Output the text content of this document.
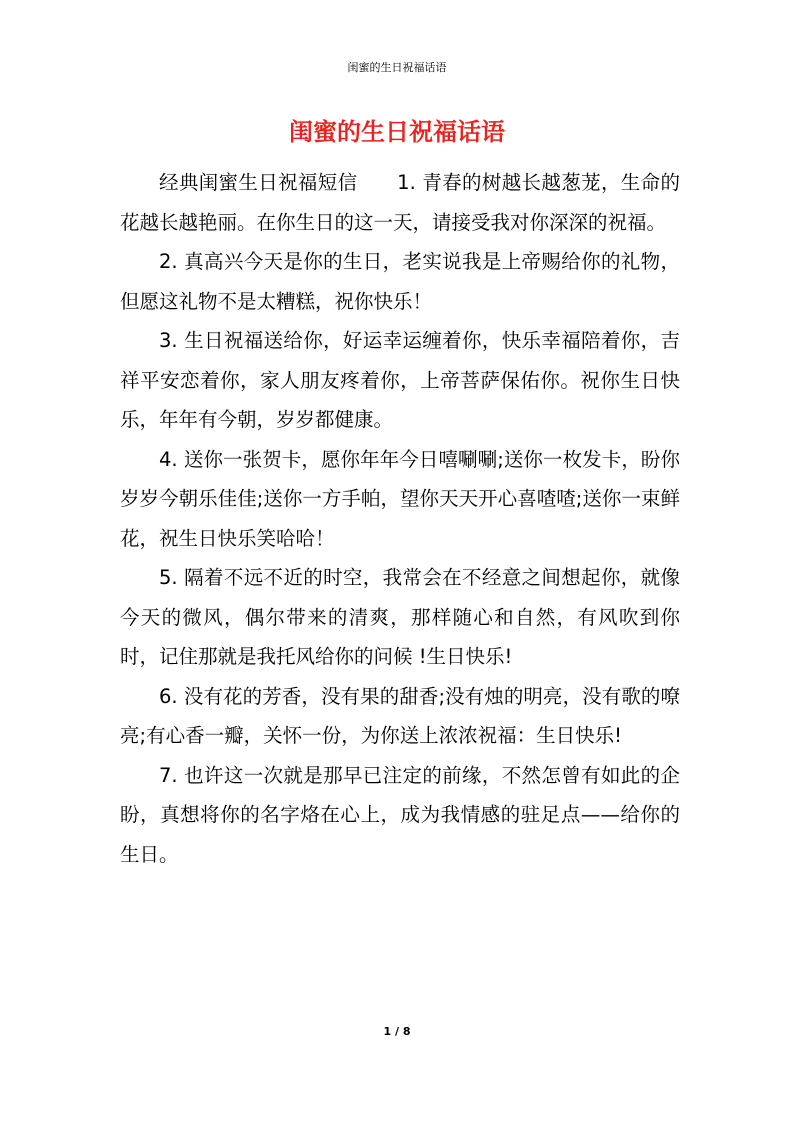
闺蜜的生日祝福话语
闺蜜的生日祝福话语

经典闺蜜生日祝福短信　　1. 青春的树越长越葱茏，生命的花越长越艳丽。在你生日的这一天，请接受我对你深深的祝福。

2. 真高兴今天是你的生日，老实说我是上帝赐给你的礼物，但愿这礼物不是太糟糕，祝你快乐！

3. 生日祝福送给你，好运幸运缠着你，快乐幸福陪着你，吉祥平安恋着你，家人朋友疼着你，上帝菩萨保佑你。祝你生日快乐，年年有今朝，岁岁都健康。

4. 送你一张贺卡，愿你年年今日嘻唰唰;送你一枚发卡，盼你岁岁今朝乐佳佳;送你一方手帕，望你天天开心喜喳喳;送你一束鲜花，祝生日快乐笑哈哈！

5. 隔着不远不近的时空，我常会在不经意之间想起你，就像今天的微风，偶尔带来的清爽，那样随心和自然，有风吹到你时，记住那就是我托风给你的问候 !生日快乐!

6. 没有花的芳香，没有果的甜香;没有烛的明亮，没有歌的嘹亮;有心香一瓣，关怀一份，为你送上浓浓祝福：生日快乐!

7. 也许这一次就是那早已注定的前缘，不然怎曾有如此的企盼，真想将你的名字烙在心上，成为我情感的驻足点——给你的生日。

1 / 8
